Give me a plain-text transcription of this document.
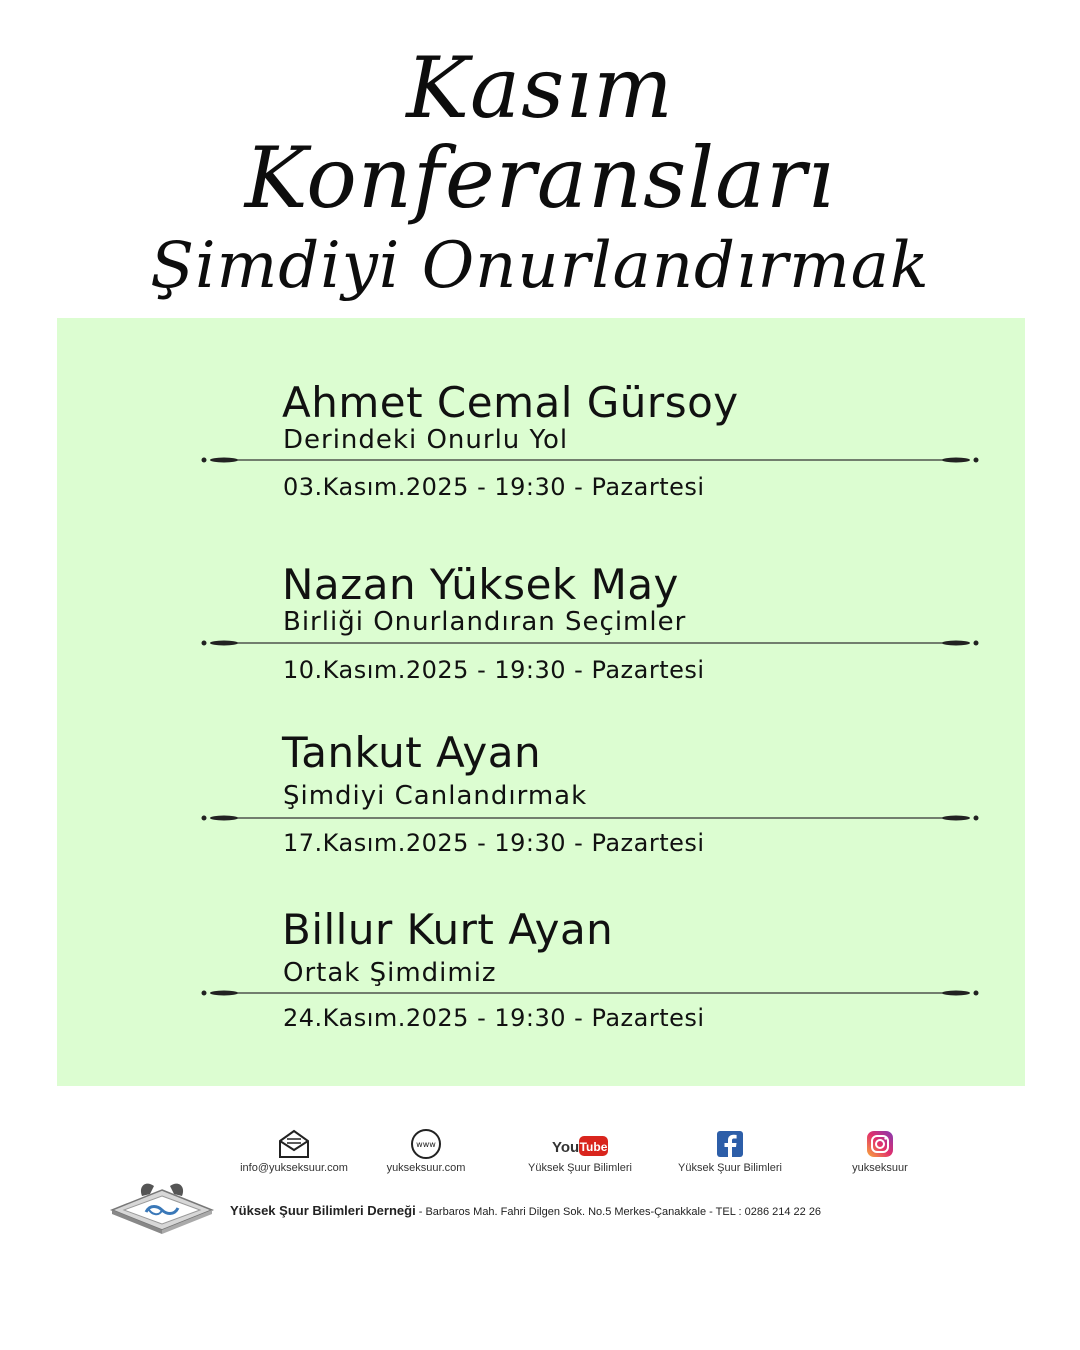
Kasım
Konferansları
Şimdiyi Onurlandırmak
Ahmet Cemal Gürsoy
Derindeki Onurlu Yol
03.Kasım.2025 - 19:30 - Pazartesi
Nazan Yüksek May
Birliği Onurlandıran Seçimler
10.Kasım.2025 - 19:30 - Pazartesi
Tankut Ayan
Şimdiyi Canlandırmak
17.Kasım.2025 - 19:30 - Pazartesi
Billur Kurt Ayan
Ortak Şimdimiz
24.Kasım.2025 - 19:30 - Pazartesi
info@yukseksuur.com
www
yukseksuur.com
You Tube
Yüksek Şuur Bilimleri	Yüksek Şuur Bilimleri	yukseksuur
Yüksek Şuur Bilimleri Derneği - Barbaros Mah. Fahri Dilgen Sok. No.5 Merkes-Çanakkale - TEL : 0286 214 22 26
